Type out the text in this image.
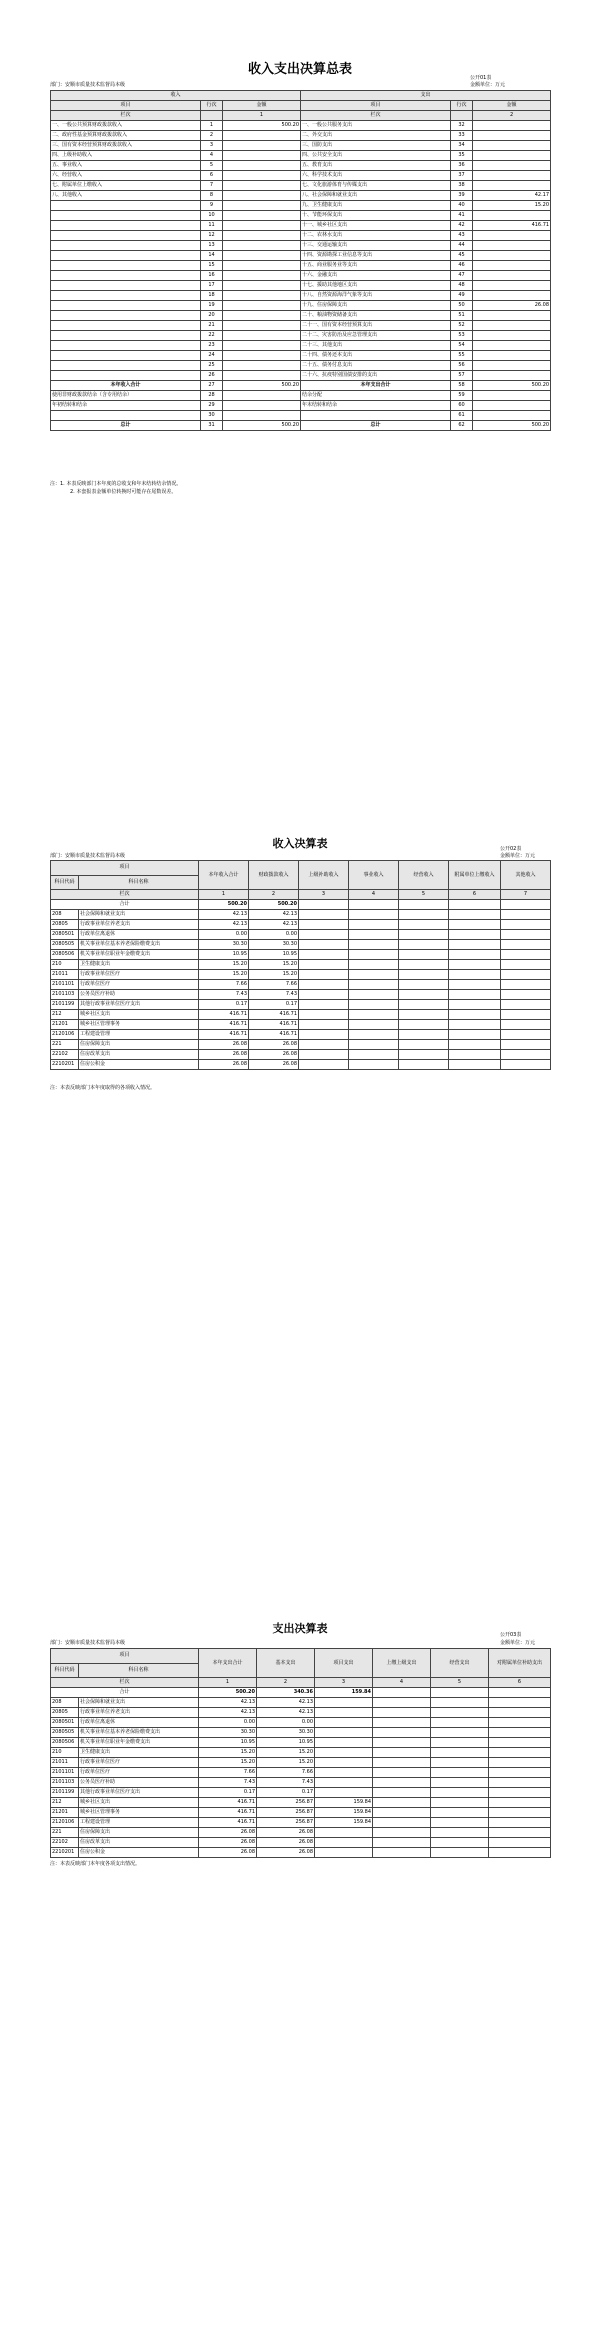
收入支出决算总表
公开01表
部门：安顺市质量技术监督局本级	金额单位：万元
收入			支出		
项目	行次	金额	项目	行次	金额
栏次		1	栏次		2
一、一般公共预算财政拨款收入	1	500.20	一、一般公共服务支出	32	
二、政府性基金预算财政拨款收入	2		二、外交支出	33	
三、国有资本经营预算财政拨款收入	3		三、国防支出	34	
四、上级补助收入	4		四、公共安全支出	35	
五、事业收入	5		五、教育支出	36	
六、经营收入	6		六、科学技术支出	37	
七、附属单位上缴收入	7		七、文化旅游体育与传媒支出	38	
八、其他收入	8		八、社会保障和就业支出	39	42.17
	9		九、卫生健康支出	40	15.20
	10		十、节能环保支出	41	
	11		十一、城乡社区支出	42	416.71
	12		十二、农林水支出	43	
	13		十三、交通运输支出	44	
	14		十四、资源勘探工业信息等支出	45	
	15		十五、商业服务业等支出	46	
	16		十六、金融支出	47	
	17		十七、援助其他地区支出	48	
	18		十八、自然资源海洋气象等支出	49	
	19		十九、住房保障支出	50	26.08
	20		二十、粮油物资储备支出	51	
	21		二十一、国有资本经营预算支出	52	
	22		二十二、灾害防治及应急管理支出	53	
	23		二十三、其他支出	54	
	24		二十四、债务还本支出	55	
	25		二十五、债务付息支出	56	
	26		二十六、抗疫特别国债安排的支出	57	
本年收入合计	27	500.20	本年支出合计	58	500.20
使用非财政拨款结余（含专用结余）	28		结余分配	59	
年初结转和结余	29		年末结转和结余	60	
	30			61	
总计	31	500.20	总计	62	500.20
注：1. 本表反映部门本年度的总收支和年末结转结余情况。
2. 本套报表金额单位转换时可能存在尾数误差。
收入决算表	公开02表
部门：安顺市质量技术监督局本级	金额单位：万元
项目		本年收入合计	财政拨款收入	上级补助收入	事业收入	经营收入	附属单位上缴收入	其他收入
科目代码	科目名称							
栏次		1	2	3	4	5	6	7
合计		500.20	500.20					
208	社会保障和就业支出	42.13	42.13					
20805	行政事业单位养老支出	42.13	42.13					
2080501	行政单位离退休	0.00	0.00					
2080505	机关事业单位基本养老保险缴费支出	30.30	30.30					
2080506	机关事业单位职业年金缴费支出	10.95	10.95					
210	卫生健康支出	15.20	15.20					
21011	行政事业单位医疗	15.20	15.20					
2101101	行政单位医疗	7.66	7.66					
2101103	公务员医疗补助	7.43	7.43					
2101199	其他行政事业单位医疗支出	0.17	0.17					
212	城乡社区支出	416.71	416.71					
21201	城乡社区管理事务	416.71	416.71					
2120106	工程建设管理	416.71	416.71					
221	住房保障支出	26.08	26.08					
22102	住房改革支出	26.08	26.08					
2210201	住房公积金	26.08	26.08					
注：本表反映部门本年度取得的各项收入情况。
支出决算表	公开03表
部门：安顺市质量技术监督局本级	金额单位：万元
项目		本年支出合计	基本支出	项目支出	上缴上级支出	经营支出	对附属单位补助支出
科目代码	科目名称						
栏次		1	2	3	4	5	6
合计		500.20	340.36	159.84			
208	社会保障和就业支出	42.13	42.13				
20805	行政事业单位养老支出	42.13	42.13				
2080501	行政单位离退休	0.00	0.00				
2080505	机关事业单位基本养老保险缴费支出	30.30	30.30				
2080506	机关事业单位职业年金缴费支出	10.95	10.95				
210	卫生健康支出	15.20	15.20				
21011	行政事业单位医疗	15.20	15.20				
2101101	行政单位医疗	7.66	7.66				
2101103	公务员医疗补助	7.43	7.43				
2101199	其他行政事业单位医疗支出	0.17	0.17				
212	城乡社区支出	416.71	256.87	159.84			
21201	城乡社区管理事务	416.71	256.87	159.84			
2120106	工程建设管理	416.71	256.87	159.84			
221	住房保障支出	26.08	26.08				
22102	住房改革支出	26.08	26.08				
2210201	住房公积金	26.08	26.08				
注：本表反映部门本年度各项支出情况。
